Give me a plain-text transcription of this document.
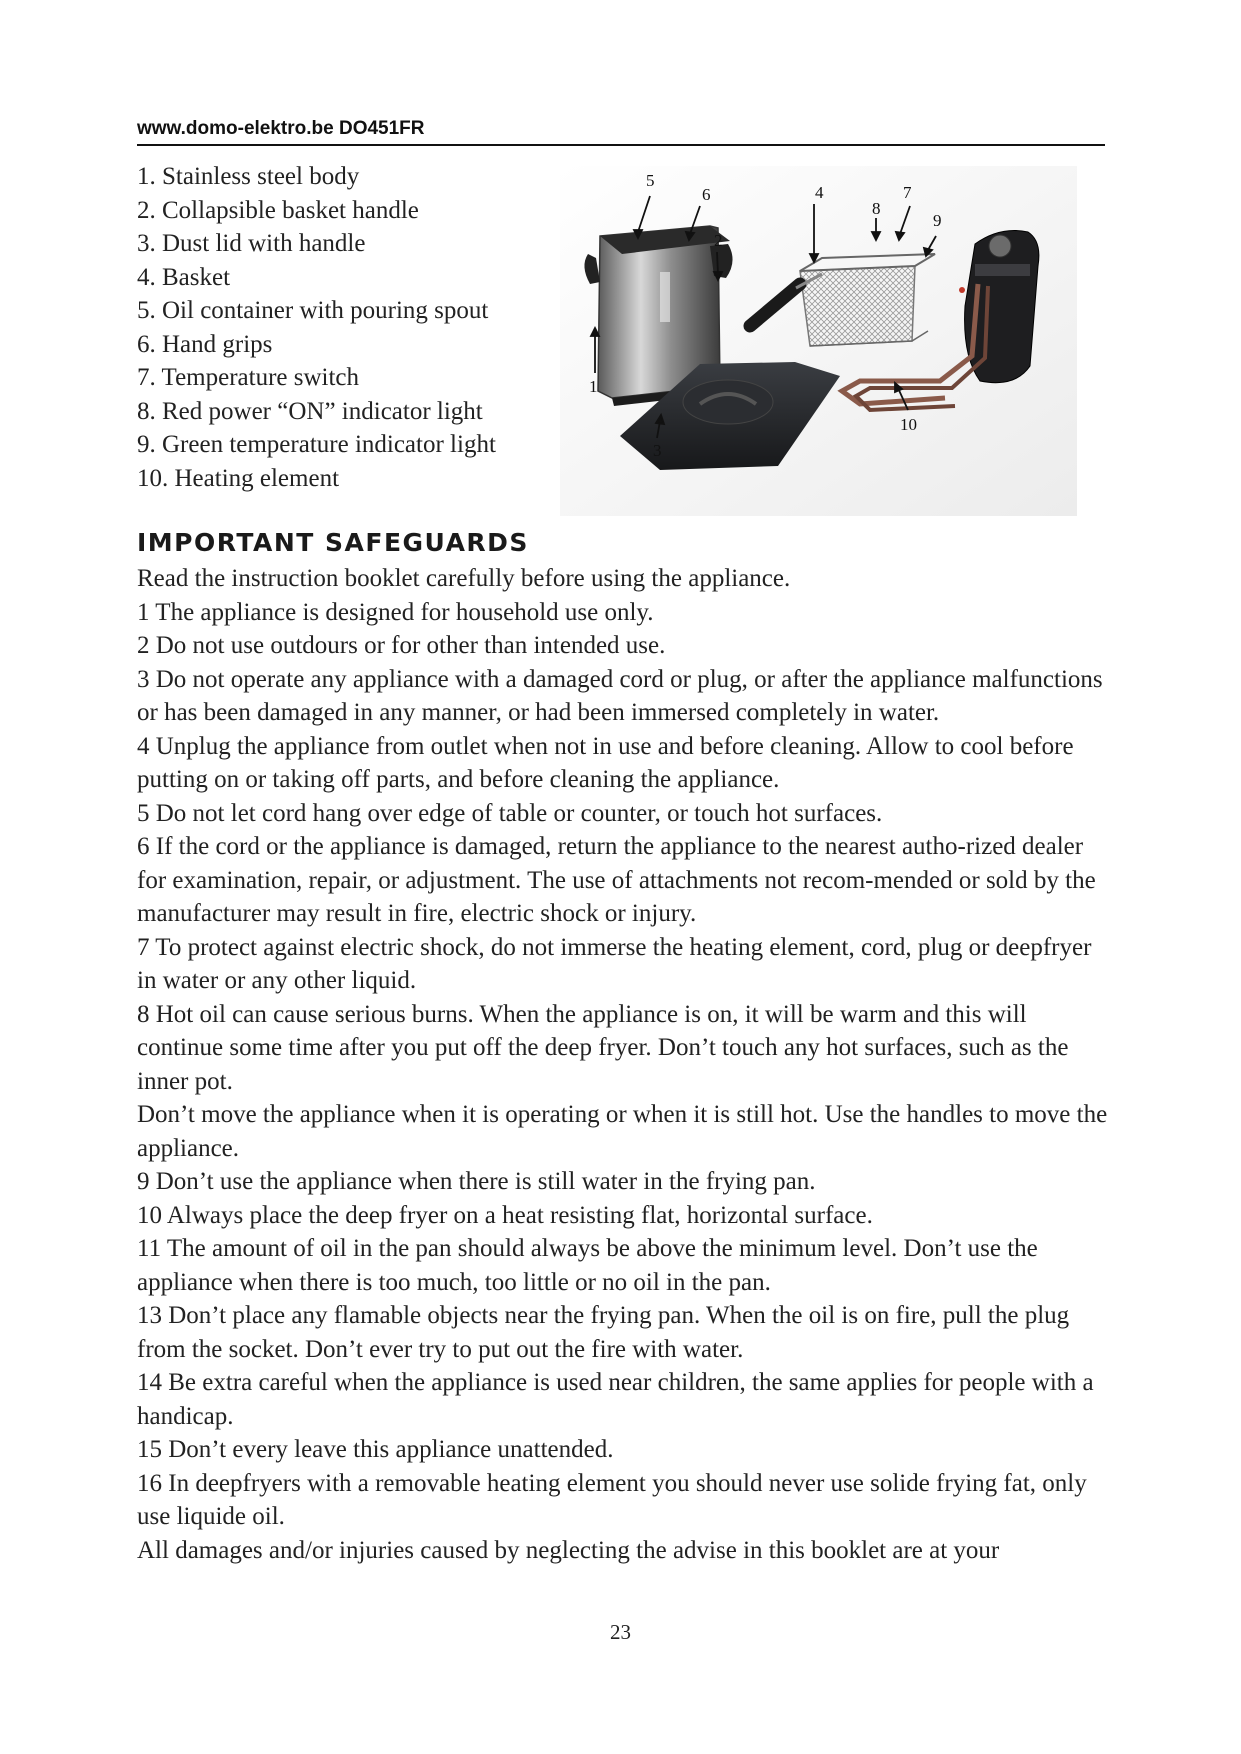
www.domo-elektro.be DO451FR
1. Stainless steel body
2. Collapsible basket handle
3. Dust lid with handle
4. Basket
5. Oil container with pouring spout
6. Hand grips
7. Temperature switch
8. Red power “ON” indicator light
9. Green temperature indicator light
10. Heating element
5
6	4
2
1
3
7
8
9
10
IMPORTANT SAFEGUARDS

Read the instruction booklet carefully before using the appliance.

1 The appliance is designed for household use only.

2 Do not use outdours or for other than intended use.

3 Do not operate any appliance with a damaged cord or plug, or after the appliance malfunctions or has been damaged in any manner, or had been immersed completely in water.

4 Unplug the appliance from outlet when not in use and before cleaning. Allow to cool before putting on or taking off parts, and before cleaning the appliance.

5 Do not let cord hang over edge of table or counter, or touch hot surfaces.

6 If the cord or the appliance is damaged, return the appliance to the nearest autho-rized dealer for examination, repair, or adjustment. The use of attachments not recom-mended or sold by the manufacturer may result in fire, electric shock or injury.

7 To protect against electric shock, do not immerse the heating element, cord, plug or deepfryer in water or any other liquid.

8 Hot oil can cause serious burns. When the appliance is on, it will be warm and this will continue some time after you put off the deep fryer. Don’t touch any hot surfaces, such as the inner pot.

Don’t move the appliance when it is operating or when it is still hot. Use the handles to move the appliance.

9 Don’t use the appliance when there is still water in the frying pan.

10 Always place the deep fryer on a heat resisting flat, horizontal surface.

11 The amount of oil in the pan should always be above the minimum level. Don’t use the appliance when there is too much, too little or no oil in the pan.

13 Don’t place any flamable objects near the frying pan. When the oil is on fire, pull the plug from the socket. Don’t ever try to put out the fire with water.

14 Be extra careful when the appliance is used near children, the same applies for people with a handicap.

15 Don’t every leave this appliance unattended.

16 In deepfryers with a removable heating element you should never use solide frying fat, only use liquide oil.

All damages and/or injuries caused by neglecting the advise in this booklet are at your

23
